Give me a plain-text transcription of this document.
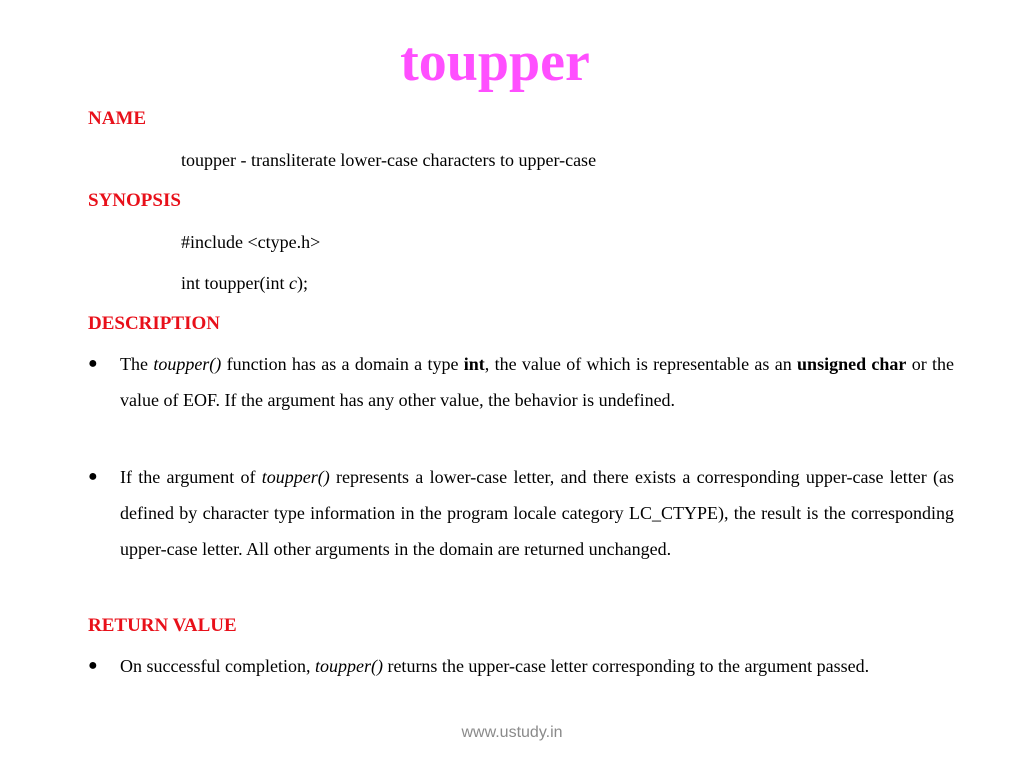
toupper
NAME
toupper - transliterate lower-case characters to upper-case
SYNOPSIS
#include <ctype.h>
int toupper(int c);
DESCRIPTION
●	The toupper() function has as a domain a type int, the value of which is representable as an unsigned char or the value of EOF. If the argument has any other value, the behavior is undefined.

●	If the argument of toupper() represents a lower-case letter, and there exists a corresponding upper-case letter (as defined by character type information in the program locale category LC_CTYPE), the result is the corresponding upper-case letter. All other arguments in the domain are returned unchanged.

RETURN VALUE
●	On successful completion, toupper() returns the upper-case letter corresponding to the argument passed.

www.ustudy.in
